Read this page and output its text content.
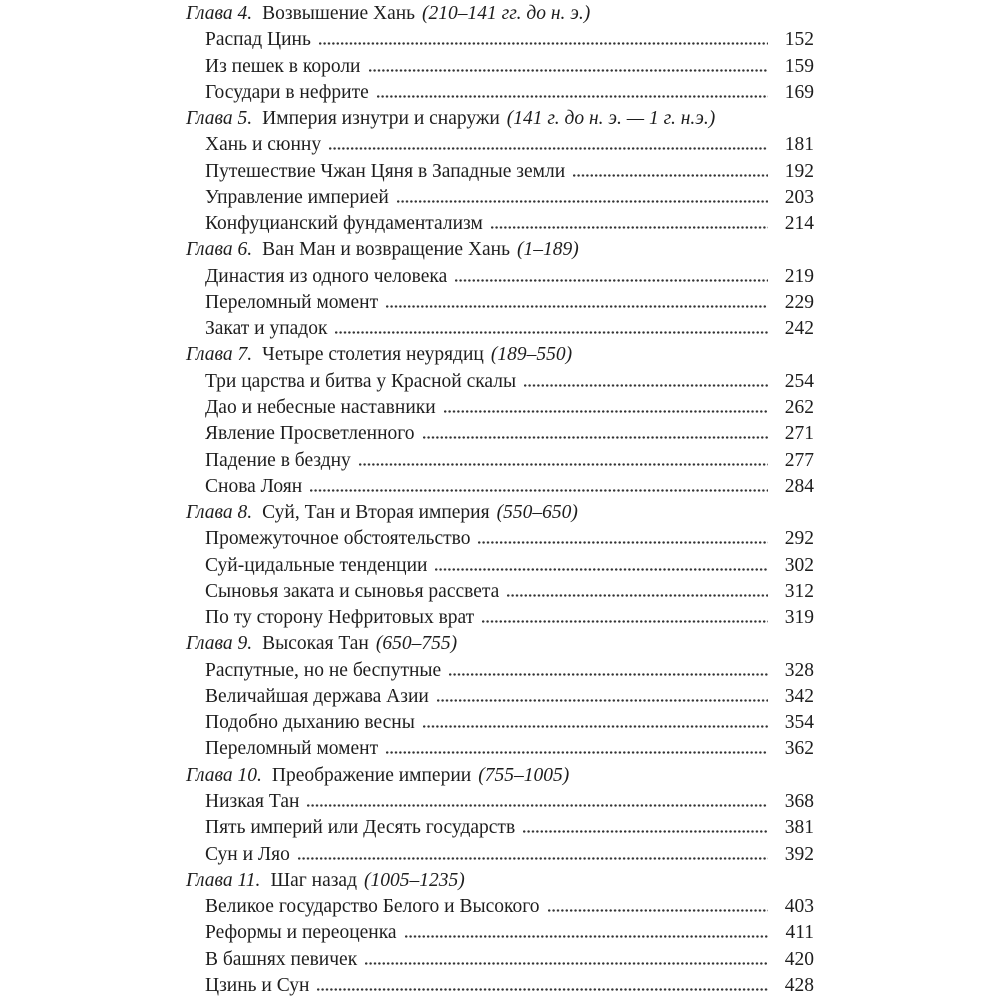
Глава 4. Возвышение Хань (210–141 гг. до н. э.)
Распад Цинь	152
Из пешек в короли	159
Государи в нефрите	169
Глава 5. Империя изнутри и снаружи (141 г. до н. э. — 1 г. н.э.)
Хань и сюнну	181
Путешествие Чжан Цяня в Западные земли	192
Управление империей	203
Конфуцианский фундаментализм	214
Глава 6. Ван Ман и возвращение Хань (1–189)
Династия из одного человека	219
Переломный момент	229
Закат и упадок	242
Глава 7. Четыре столетия неурядиц (189–550)
Три царства и битва у Красной скалы	254
Дао и небесные наставники	262
Явление Просветленного	271
Падение в бездну	277
Снова Лоян	284
Глава 8. Суй, Тан и Вторая империя (550–650)
Промежуточное обстоятельство	292
Суй-цидальные тенденции	302
Сыновья заката и сыновья рассвета	312
По ту сторону Нефритовых врат	319
Глава 9. Высокая Тан (650–755)
Распутные, но не беспутные	328
Величайшая держава Азии	342
Подобно дыханию весны	354
Переломный момент	362
Глава 10. Преображение империи (755–1005)
Низкая Тан	368
Пять империй или Десять государств	381
Сун и Ляо	392
Глава 11. Шаг назад (1005–1235)
Великое государство Белого и Высокого	403
Реформы и переоценка	411
В башнях певичек	420
Цзинь и Сун	428
